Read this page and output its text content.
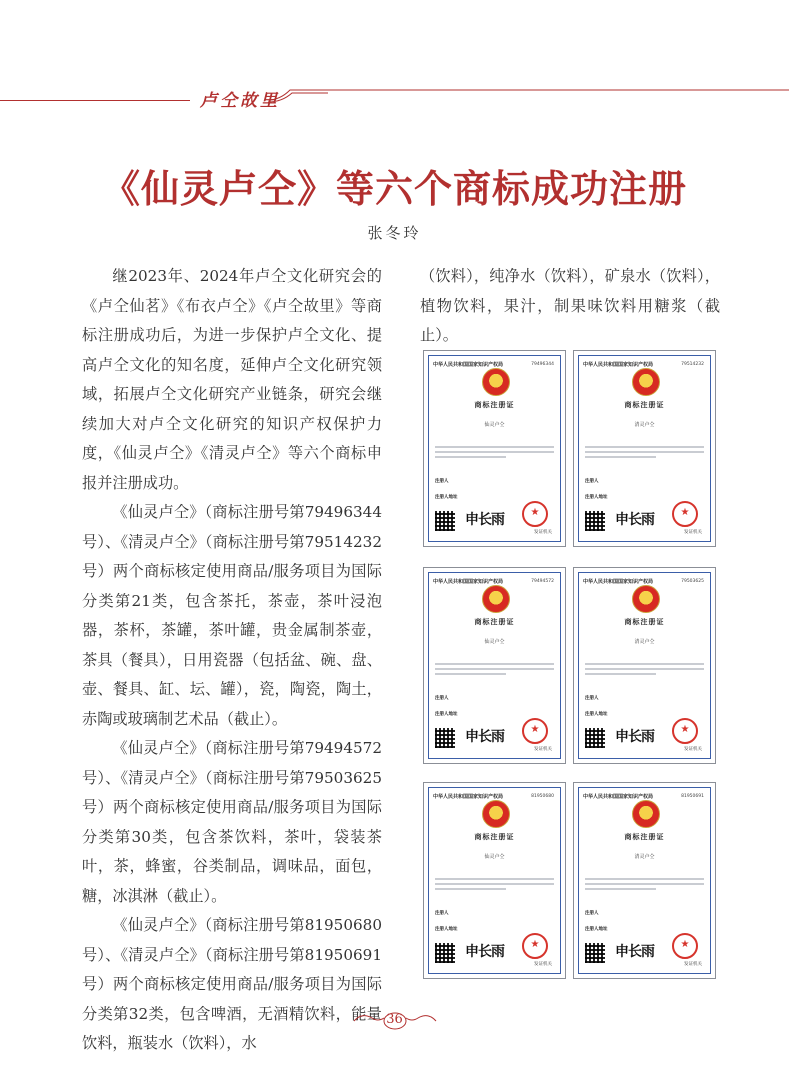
卢仝故里
《仙灵卢仝》等六个商标成功注册
张冬玲

继2023年、2024年卢仝文化研究会的《卢仝仙茗》《布衣卢仝》《卢仝故里》等商标注册成功后，为进一步保护卢仝文化、提高卢仝文化的知名度，延伸卢仝文化研究领域，拓展卢仝文化研究产业链条，研究会继续加大对卢仝文化研究的知识产权保护力度，《仙灵卢仝》《清灵卢仝》等六个商标申报并注册成功。

《仙灵卢仝》（商标注册号第79496344号）、《清灵卢仝》（商标注册号第79514232号）两个商标核定使用商品/服务项目为国际分类第21类，包含茶托，茶壶，茶叶浸泡器，茶杯，茶罐，茶叶罐，贵金属制茶壶，茶具（餐具），日用瓷器（包括盆、碗、盘、壶、餐具、缸、坛、罐），瓷，陶瓷，陶土，赤陶或玻璃制艺术品（截止）。

《仙灵卢仝》（商标注册号第79494572号）、《清灵卢仝》（商标注册号第79503625号）两个商标核定使用商品/服务项目为国际分类第30类，包含茶饮料，茶叶，袋装茶叶，茶，蜂蜜，谷类制品，调味品，面包，糖，冰淇淋（截止）。

《仙灵卢仝》（商标注册号第81950680号）、《清灵卢仝》（商标注册号第81950691号）两个商标核定使用商品/服务项目为国际分类第32类，包含啤酒，无酒精饮料，能量饮料，瓶装水（饮料），水

（饮料），纯净水（饮料），矿泉水（饮料），植物饮料，果汁，制果味饮料用糖浆（截止）。

中华人民共和国国家知识产权局	79496344
商标注册证
仙灵卢仝
注册人
注册人地址
申长雨
★
发证机关
中华人民共和国国家知识产权局	79514232
商标注册证
清灵卢仝
注册人
注册人地址
申长雨
★
发证机关
中华人民共和国国家知识产权局	79494572
商标注册证
仙灵卢仝
注册人
注册人地址
申长雨
★
发证机关
中华人民共和国国家知识产权局	79503625
商标注册证
清灵卢仝
注册人
注册人地址
申长雨
★
发证机关
中华人民共和国国家知识产权局	81950680
商标注册证
仙灵卢仝
注册人
注册人地址
申长雨
★
发证机关
中华人民共和国国家知识产权局	81950691
商标注册证
清灵卢仝
注册人
注册人地址
申长雨
★
发证机关
36
